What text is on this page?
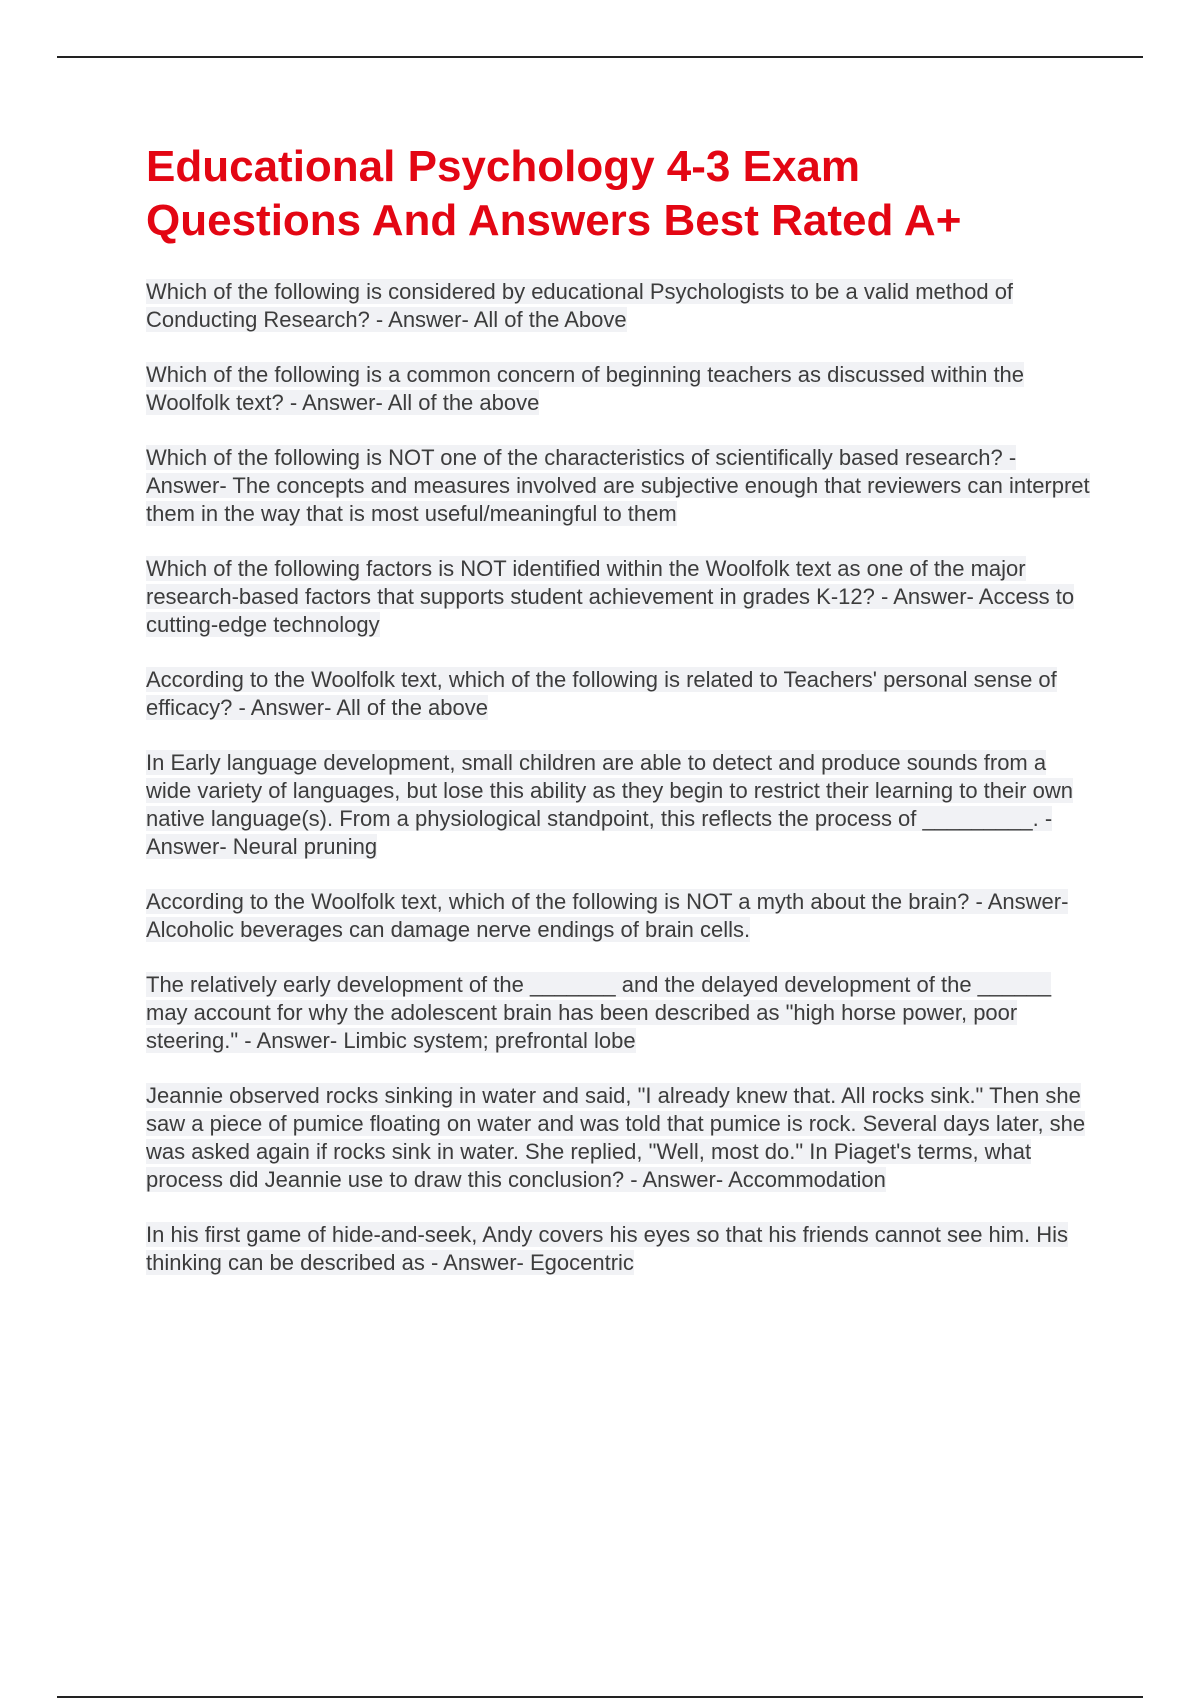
Educational Psychology 4-3 Exam Questions And Answers Best Rated A+
Which of the following is considered by educational Psychologists to be a valid method of Conducting Research? - Answer- All of the Above
Which of the following is a common concern of beginning teachers as discussed within the Woolfolk text? - Answer- All of the above
Which of the following is NOT one of the characteristics of scientifically based research? - Answer- The concepts and measures involved are subjective enough that reviewers can interpret them in the way that is most useful/meaningful to them
Which of the following factors is NOT identified within the Woolfolk text as one of the major research-based factors that supports student achievement in grades K-12? - Answer- Access to cutting-edge technology
According to the Woolfolk text, which of the following is related to Teachers' personal sense of efficacy? - Answer- All of the above
In Early language development, small children are able to detect and produce sounds from a wide variety of languages, but lose this ability as they begin to restrict their learning to their own native language(s). From a physiological standpoint, this reflects the process of _________. - Answer- Neural pruning
According to the Woolfolk text, which of the following is NOT a myth about the brain? - Answer- Alcoholic beverages can damage nerve endings of brain cells.
The relatively early development of the _______ and the delayed development of the ______ may account for why the adolescent brain has been described as "high horse power, poor steering." - Answer- Limbic system; prefrontal lobe
Jeannie observed rocks sinking in water and said, "I already knew that. All rocks sink." Then she saw a piece of pumice floating on water and was told that pumice is rock. Several days later, she was asked again if rocks sink in water. She replied, "Well, most do." In Piaget's terms, what process did Jeannie use to draw this conclusion? - Answer- Accommodation
In his first game of hide-and-seek, Andy covers his eyes so that his friends cannot see him. His thinking can be described as - Answer- Egocentric
